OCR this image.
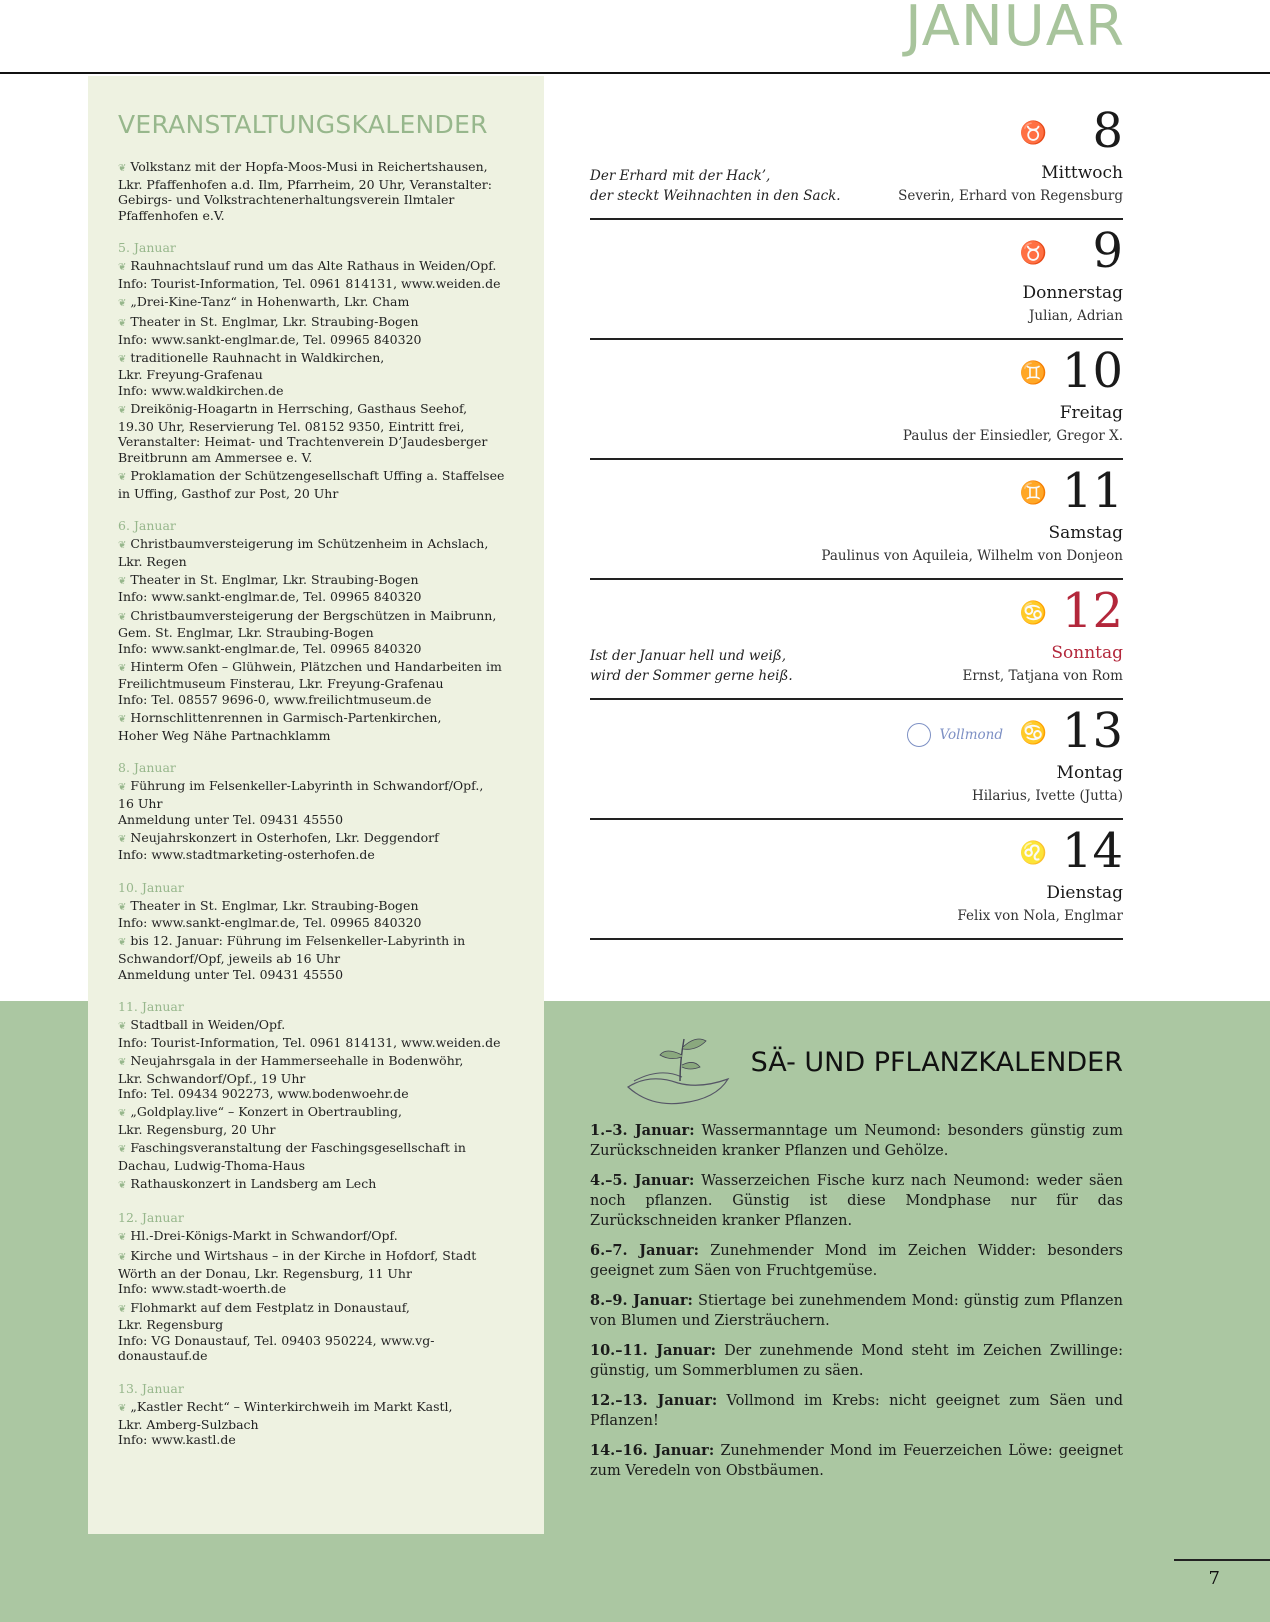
JANUAR
VERANSTALTUNGSKALENDER
❦ Volkstanz mit der Hopfa-Moos-Musi in Reichertshausen,
Lkr. Pfaffenhofen a.d. Ilm, Pfarrheim, 20 Uhr, Veranstalter:
Gebirgs- und Volkstrachtenerhaltungsverein Ilmtaler
Pfaffenhofen e.V.
5. Januar
❦ Rauhnachtslauf rund um das Alte Rathaus in Weiden/Opf.
Info: Tourist-Information, Tel. 0961 814131, www.weiden.de
❦ „Drei-Kine-Tanz“ in Hohenwarth, Lkr. Cham
❦ Theater in St. Englmar, Lkr. Straubing-Bogen
Info: www.sankt-englmar.de, Tel. 09965 840320
❦ traditionelle Rauhnacht in Waldkirchen,
Lkr. Freyung-Grafenau
Info: www.waldkirchen.de
❦ Dreikönig-Hoagartn in Herrsching, Gasthaus Seehof,
19.30 Uhr, Reservierung Tel. 08152 9350, Eintritt frei,
Veranstalter: Heimat- und Trachtenverein D’Jaudesberger
Breitbrunn am Ammersee e. V.
❦ Proklamation der Schützengesellschaft Uffing a. Staffelsee
in Uffing, Gasthof zur Post, 20 Uhr
6. Januar
❦ Christbaumversteigerung im Schützenheim in Achslach,
Lkr. Regen
❦ Theater in St. Englmar, Lkr. Straubing-Bogen
Info: www.sankt-englmar.de, Tel. 09965 840320
❦ Christbaumversteigerung der Bergschützen in Maibrunn,
Gem. St. Englmar, Lkr. Straubing-Bogen
Info: www.sankt-englmar.de, Tel. 09965 840320
❦ Hinterm Ofen – Glühwein, Plätzchen und Handarbeiten im
Freilichtmuseum Finsterau, Lkr. Freyung-Grafenau
Info: Tel. 08557 9696-0, www.freilichtmuseum.de
❦ Hornschlittenrennen in Garmisch-Partenkirchen,
Hoher Weg Nähe Partnachklamm
8. Januar
❦ Führung im Felsenkeller-Labyrinth in Schwandorf/Opf.,
16 Uhr
Anmeldung unter Tel. 09431 45550
❦ Neujahrskonzert in Osterhofen, Lkr. Deggendorf
Info: www.stadtmarketing-osterhofen.de
10. Januar
❦ Theater in St. Englmar, Lkr. Straubing-Bogen
Info: www.sankt-englmar.de, Tel. 09965 840320
❦ bis 12. Januar: Führung im Felsenkeller-Labyrinth in
Schwandorf/Opf, jeweils ab 16 Uhr
Anmeldung unter Tel. 09431 45550
11. Januar
❦ Stadtball in Weiden/Opf.
Info: Tourist-Information, Tel. 0961 814131, www.weiden.de
❦ Neujahrsgala in der Hammerseehalle in Bodenwöhr,
Lkr. Schwandorf/Opf., 19 Uhr
Info: Tel. 09434 902273, www.bodenwoehr.de
❦ „Goldplay.live“ – Konzert in Obertraubling,
Lkr. Regensburg, 20 Uhr
❦ Faschingsveranstaltung der Faschingsgesellschaft in
Dachau, Ludwig-Thoma-Haus
❦ Rathauskonzert in Landsberg am Lech
12. Januar
❦ Hl.-Drei-Königs-Markt in Schwandorf/Opf.
❦ Kirche und Wirtshaus – in der Kirche in Hofdorf, Stadt
Wörth an der Donau, Lkr. Regensburg, 11 Uhr
Info: www.stadt-woerth.de
❦ Flohmarkt auf dem Festplatz in Donaustauf,
Lkr. Regensburg
Info: VG Donaustauf, Tel. 09403 950224, www.vg-donaustauf.de
13. Januar
❦ „Kastler Recht“ – Winterkirchweih im Markt Kastl,
Lkr. Amberg-Sulzbach
Info: www.kastl.de
♉ 8
Mittwoch
Severin, Erhard von Regensburg
Der Erhard mit der Hack’,
der steckt Weihnachten in den Sack.
♉ 9
Donnerstag
Julian, Adrian
♊ 10
Freitag
Paulus der Einsiedler, Gregor X.
♊ 11
Samstag
Paulinus von Aquileia, Wilhelm von Donjeon
♋ 12
Sonntag
Ernst, Tatjana von Rom
Ist der Januar hell und weiß,
wird der Sommer gerne heiß.
♋ 13
Montag
Hilarius, Ivette (Jutta)
Vollmond
♌ 14
Dienstag
Felix von Nola, Englmar
SÄ- UND PFLANZKALENDER

1.–3. Januar: Wassermanntage um Neumond: besonders günstig zum Zurückschneiden kranker Pflanzen und Gehölze.

4.–5. Januar: Wasserzeichen Fische kurz nach Neumond: weder säen noch pflanzen. Günstig ist diese Mondphase nur für das Zurückschneiden kranker Pflanzen.

6.–7. Januar: Zunehmender Mond im Zeichen Widder: besonders geeignet zum Säen von Fruchtgemüse.

8.–9. Januar: Stiertage bei zunehmendem Mond: günstig zum Pflanzen von Blumen und Ziersträuchern.

10.–11. Januar: Der zunehmende Mond steht im Zeichen Zwillinge: günstig, um Sommerblumen zu säen.

12.–13. Januar: Vollmond im Krebs: nicht geeignet zum Säen und Pflanzen!

14.–16. Januar: Zunehmender Mond im Feuerzeichen Löwe: geeignet zum Veredeln von Obstbäumen.

7
